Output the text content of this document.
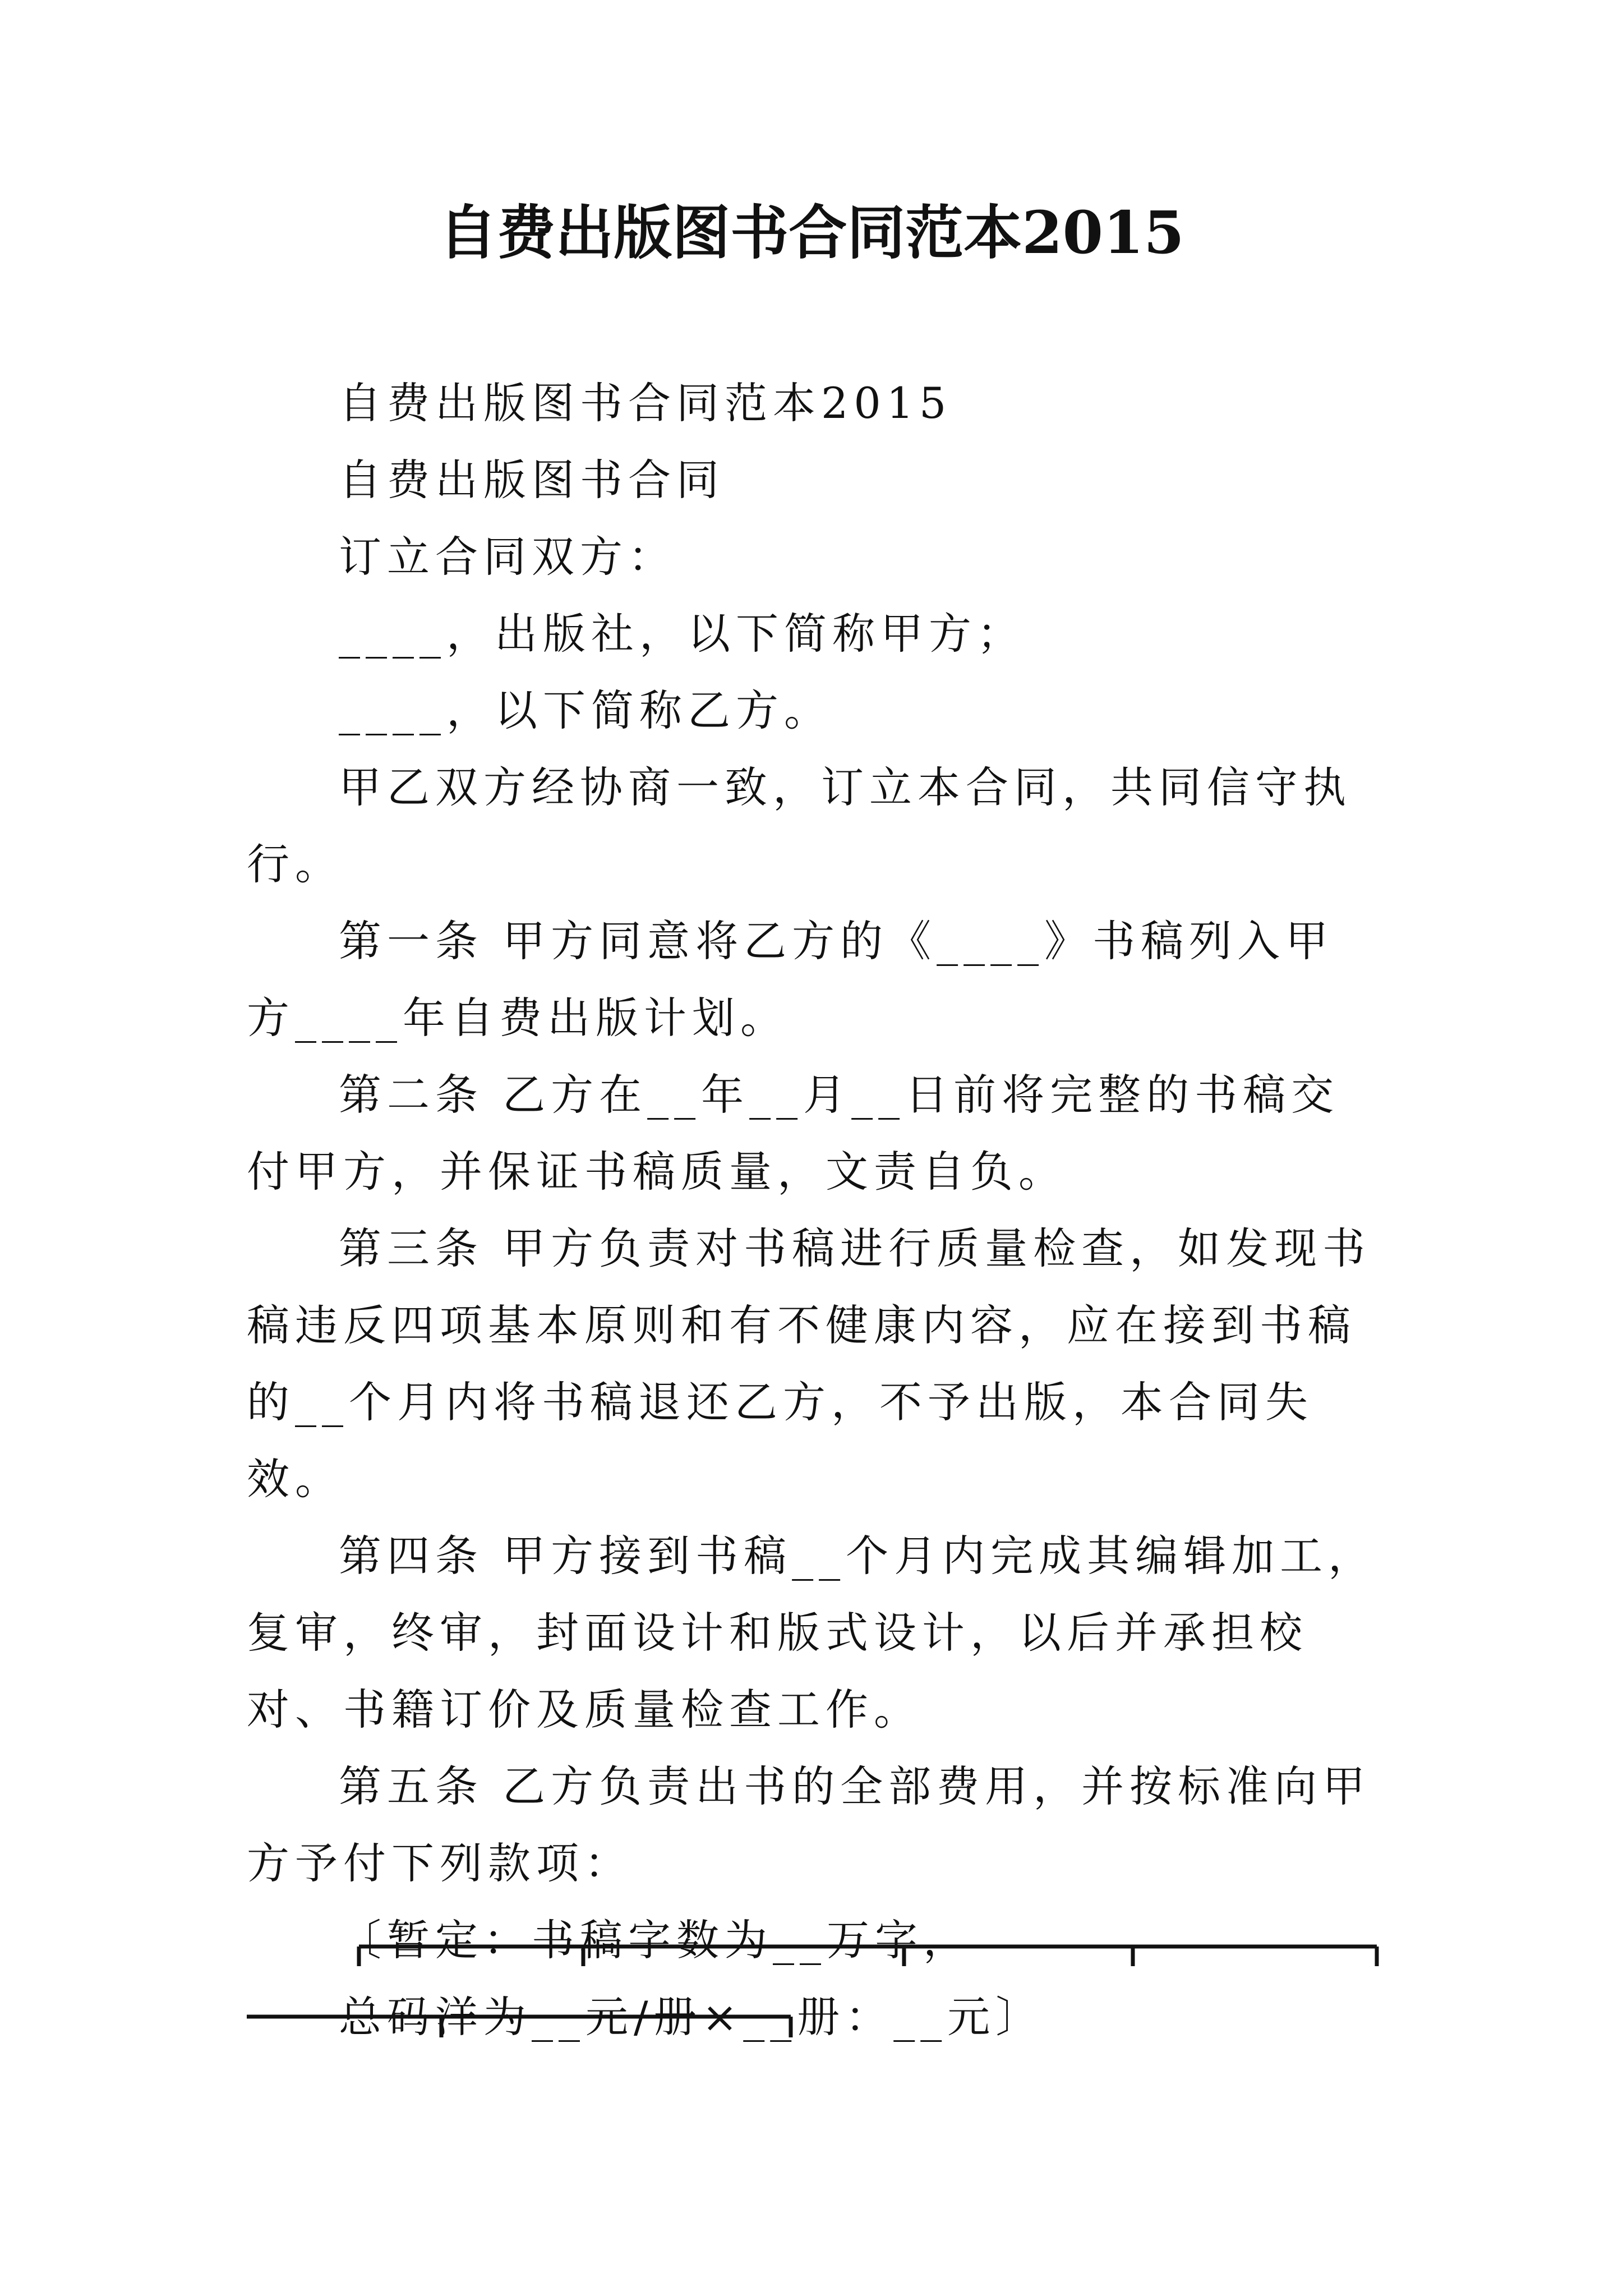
自费出版图书合同范本2015

自费出版图书合同范本2015

自费出版图书合同

订立合同双方：

____，出版社，以下简称甲方；

____，以下简称乙方。

甲乙双方经协商一致，订立本合同，共同信守执行。

第一条 甲方同意将乙方的《____》书稿列入甲方____年自费出版计划。

第二条 乙方在__年__月__日前将完整的书稿交付甲方，并保证书稿质量，文责自负。

第三条 甲方负责对书稿进行质量检查，如发现书稿违反四项基本原则和有不健康内容，应在接到书稿的__个月内将书稿退还乙方，不予出版，本合同失效。

第四条 甲方接到书稿__个月内完成其编辑加工，复审，终审，封面设计和版式设计，以后并承担校对、书籍订价及质量检查工作。

第五条 乙方负责出书的全部费用，并按标准向甲方予付下列款项：

〔暂定：书稿字数为__万字，

总码洋为__元/册×__册：__元〕
